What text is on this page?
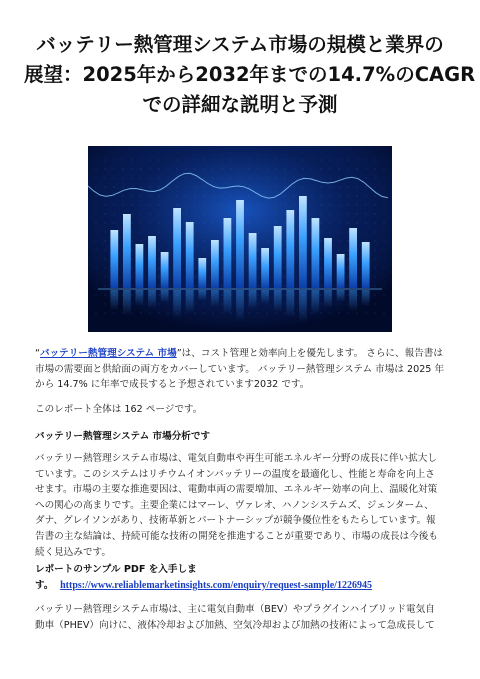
バッテリー熱管理システム市場の規模と業界の
展望：2025年から2032年までの14.7%のCAGR
での詳細な説明と予測
“バッテリー熱管理システム 市場”は、コスト管理と効率向上を優先します。 さらに、報告書は
市場の需要面と供給面の両方をカバーしています。 バッテリー熱管理システム 市場は 2025 年
から 14.7% に年率で成長すると予想されています2032 です。
このレポート全体は 162 ページです。
バッテリー熱管理システム 市場分析です
バッテリー熱管理システム市場は、電気自動車や再生可能エネルギー分野の成長に伴い拡大し
ています。このシステムはリチウムイオンバッテリーの温度を最適化し、性能と寿命を向上さ
せます。市場の主要な推進要因は、電動車両の需要増加、エネルギー効率の向上、温暖化対策
への関心の高まりです。主要企業にはマーレ、ヴァレオ、ハノンシステムズ、ジェンターム、
ダナ、グレイソンがあり、技術革新とパートナーシップが競争優位性をもたらしています。報
告書の主な結論は、持続可能な技術の開発を推進することが重要であり、市場の成長は今後も
続く見込みです。
レポートのサンプル PDF を入手しま
す。 https://www.reliablemarketinsights.com/enquiry/request-sample/1226945
バッテリー熱管理システム市場は、主に電気自動車（BEV）やプラグインハイブリッド電気自
動車（PHEV）向けに、液体冷却および加熱、空気冷却および加熱の技術によって急成長して
